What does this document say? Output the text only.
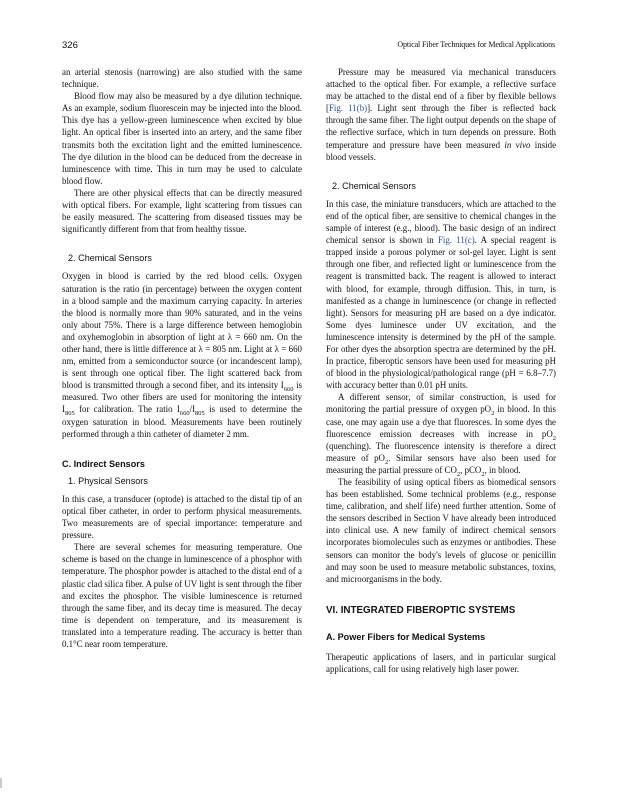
326	Optical Fiber Techniques for Medical Applications

an arterial stenosis (narrowing) are also studied with the same technique.

Blood flow may also be measured by a dye dilution technique. As an example, sodium fluorescein may be injected into the blood. This dye has a yellow-green luminescence when excited by blue light. An optical fiber is inserted into an artery, and the same fiber transmits both the excitation light and the emitted luminescence. The dye dilution in the blood can be deduced from the decrease in luminescence with time. This in turn may be used to calculate blood flow.

There are other physical effects that can be directly measured with optical fibers. For example, light scattering from tissues can be easily measured. The scattering from diseased tissues may be significantly different from that from healthy tissue.

2. Chemical Sensors

Oxygen in blood is carried by the red blood cells. Oxygen saturation is the ratio (in percentage) between the oxygen content in a blood sample and the maximum carrying capacity. In arteries the blood is normally more than 90% saturated, and in the veins only about 75%. There is a large difference between hemoglobin and oxyhemoglobin in absorption of light at λ = 660 nm. On the other hand, there is little difference at λ = 805 nm. Light at λ = 660 nm, emitted from a semiconductor source (or incandescent lamp), is sent through one optical fiber. The light scattered back from blood is transmitted through a second fiber, and its intensity $I_{660}$ is measured. Two other fibers are used for monitoring the intensity $I_{805}$ for calibration. The ratio $I_{660}/I_{805}$ is used to determine the oxygen saturation in blood. Measurements have been routinely performed through a thin catheter of diameter 2 mm.

C. Indirect Sensors
1. Physical Sensors

In this case, a transducer (optode) is attached to the distal tip of an optical fiber catheter, in order to perform physical measurements. Two measurements are of special importance: temperature and pressure.

There are several schemes for measuring temperature. One scheme is based on the change in luminescence of a phosphor with temperature. The phosphor powder is attached to the distal end of a plastic clad silica fiber. A pulse of UV light is sent through the fiber and excites the phosphor. The visible luminescence is returned through the same fiber, and its decay time is measured. The decay time is dependent on temperature, and its measurement is translated into a temperature reading. The accuracy is better than 0.1°C near room temperature.

Pressure may be measured via mechanical transducers attached to the optical fiber. For example, a reflective surface may be attached to the distal end of a fiber by flexible bellows [Fig. 11(b)]. Light sent through the fiber is reflected back through the same fiber. The light output depends on the shape of the reflective surface, which in turn depends on pressure. Both temperature and pressure have been measured in vivo inside blood vessels.

2. Chemical Sensors

In this case, the miniature transducers, which are attached to the end of the optical fiber, are sensitive to chemical changes in the sample of interest (e.g., blood). The basic design of an indirect chemical sensor is shown in Fig. 11(c). A special reagent is trapped inside a porous polymer or sol-gel layer. Light is sent through one fiber, and reflected light or luminescence from the reagent is transmitted back. The reagent is allowed to interact with blood, for example, through diffusion. This, in turn, is manifested as a change in luminescence (or change in reflected light). Sensors for measuring pH are based on a dye indicator. Some dyes luminesce under UV excitation, and the luminescence intensity is determined by the pH of the sample. For other dyes the absorption spectra are determined by the pH. In practice, fiberoptic sensors have been used for measuring pH of blood in the physiological/pathological range (pH = 6.8–7.7) with accuracy better than 0.01 pH units.

A different sensor, of similar construction, is used for monitoring the partial pressure of oxygen $pO_2$ in blood. In this case, one may again use a dye that fluoresces. In some dyes the fluorescence emission decreases with increase in $pO_2$ (quenching). The fluorescence intensity is therefore a direct measure of $pO_2$. Similar sensors have also been used for measuring the partial pressure of $CO_2$, pCO$_2$, in blood.

The feasibility of using optical fibers as biomedical sensors has been established. Some technical problems (e.g., response time, calibration, and shelf life) need further attention. Some of the sensors described in Section V have already been introduced into clinical use. A new family of indirect chemical sensors incorporates biomolecules such as enzymes or antibodies. These sensors can monitor the body's levels of glucose or penicillin and may soon be used to measure metabolic substances, toxins, and microorganisms in the body.

VI. INTEGRATED FIBEROPTIC SYSTEMS
A. Power Fibers for Medical Systems

Therapeutic applications of lasers, and in particular surgical applications, call for using relatively high laser power.
